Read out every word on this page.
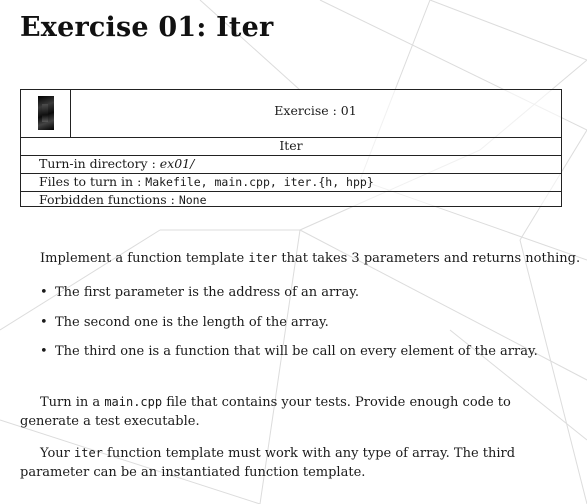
Exercise 01: Iter
Exercise : 01
Iter
Turn-in directory : ex01/
Files to turn in : Makefile, main.cpp, iter.{h, hpp}
Forbidden functions : None

Implement a function template iter that takes 3 parameters and returns nothing.

• The first parameter is the address of an array.
• The second one is the length of the array.
• The third one is a function that will be call on every element of the array.

Turn in a main.cpp file that contains your tests. Provide enough code to generate a test executable.

Your iter function template must work with any type of array. The third parameter can be an instantiated function template.
